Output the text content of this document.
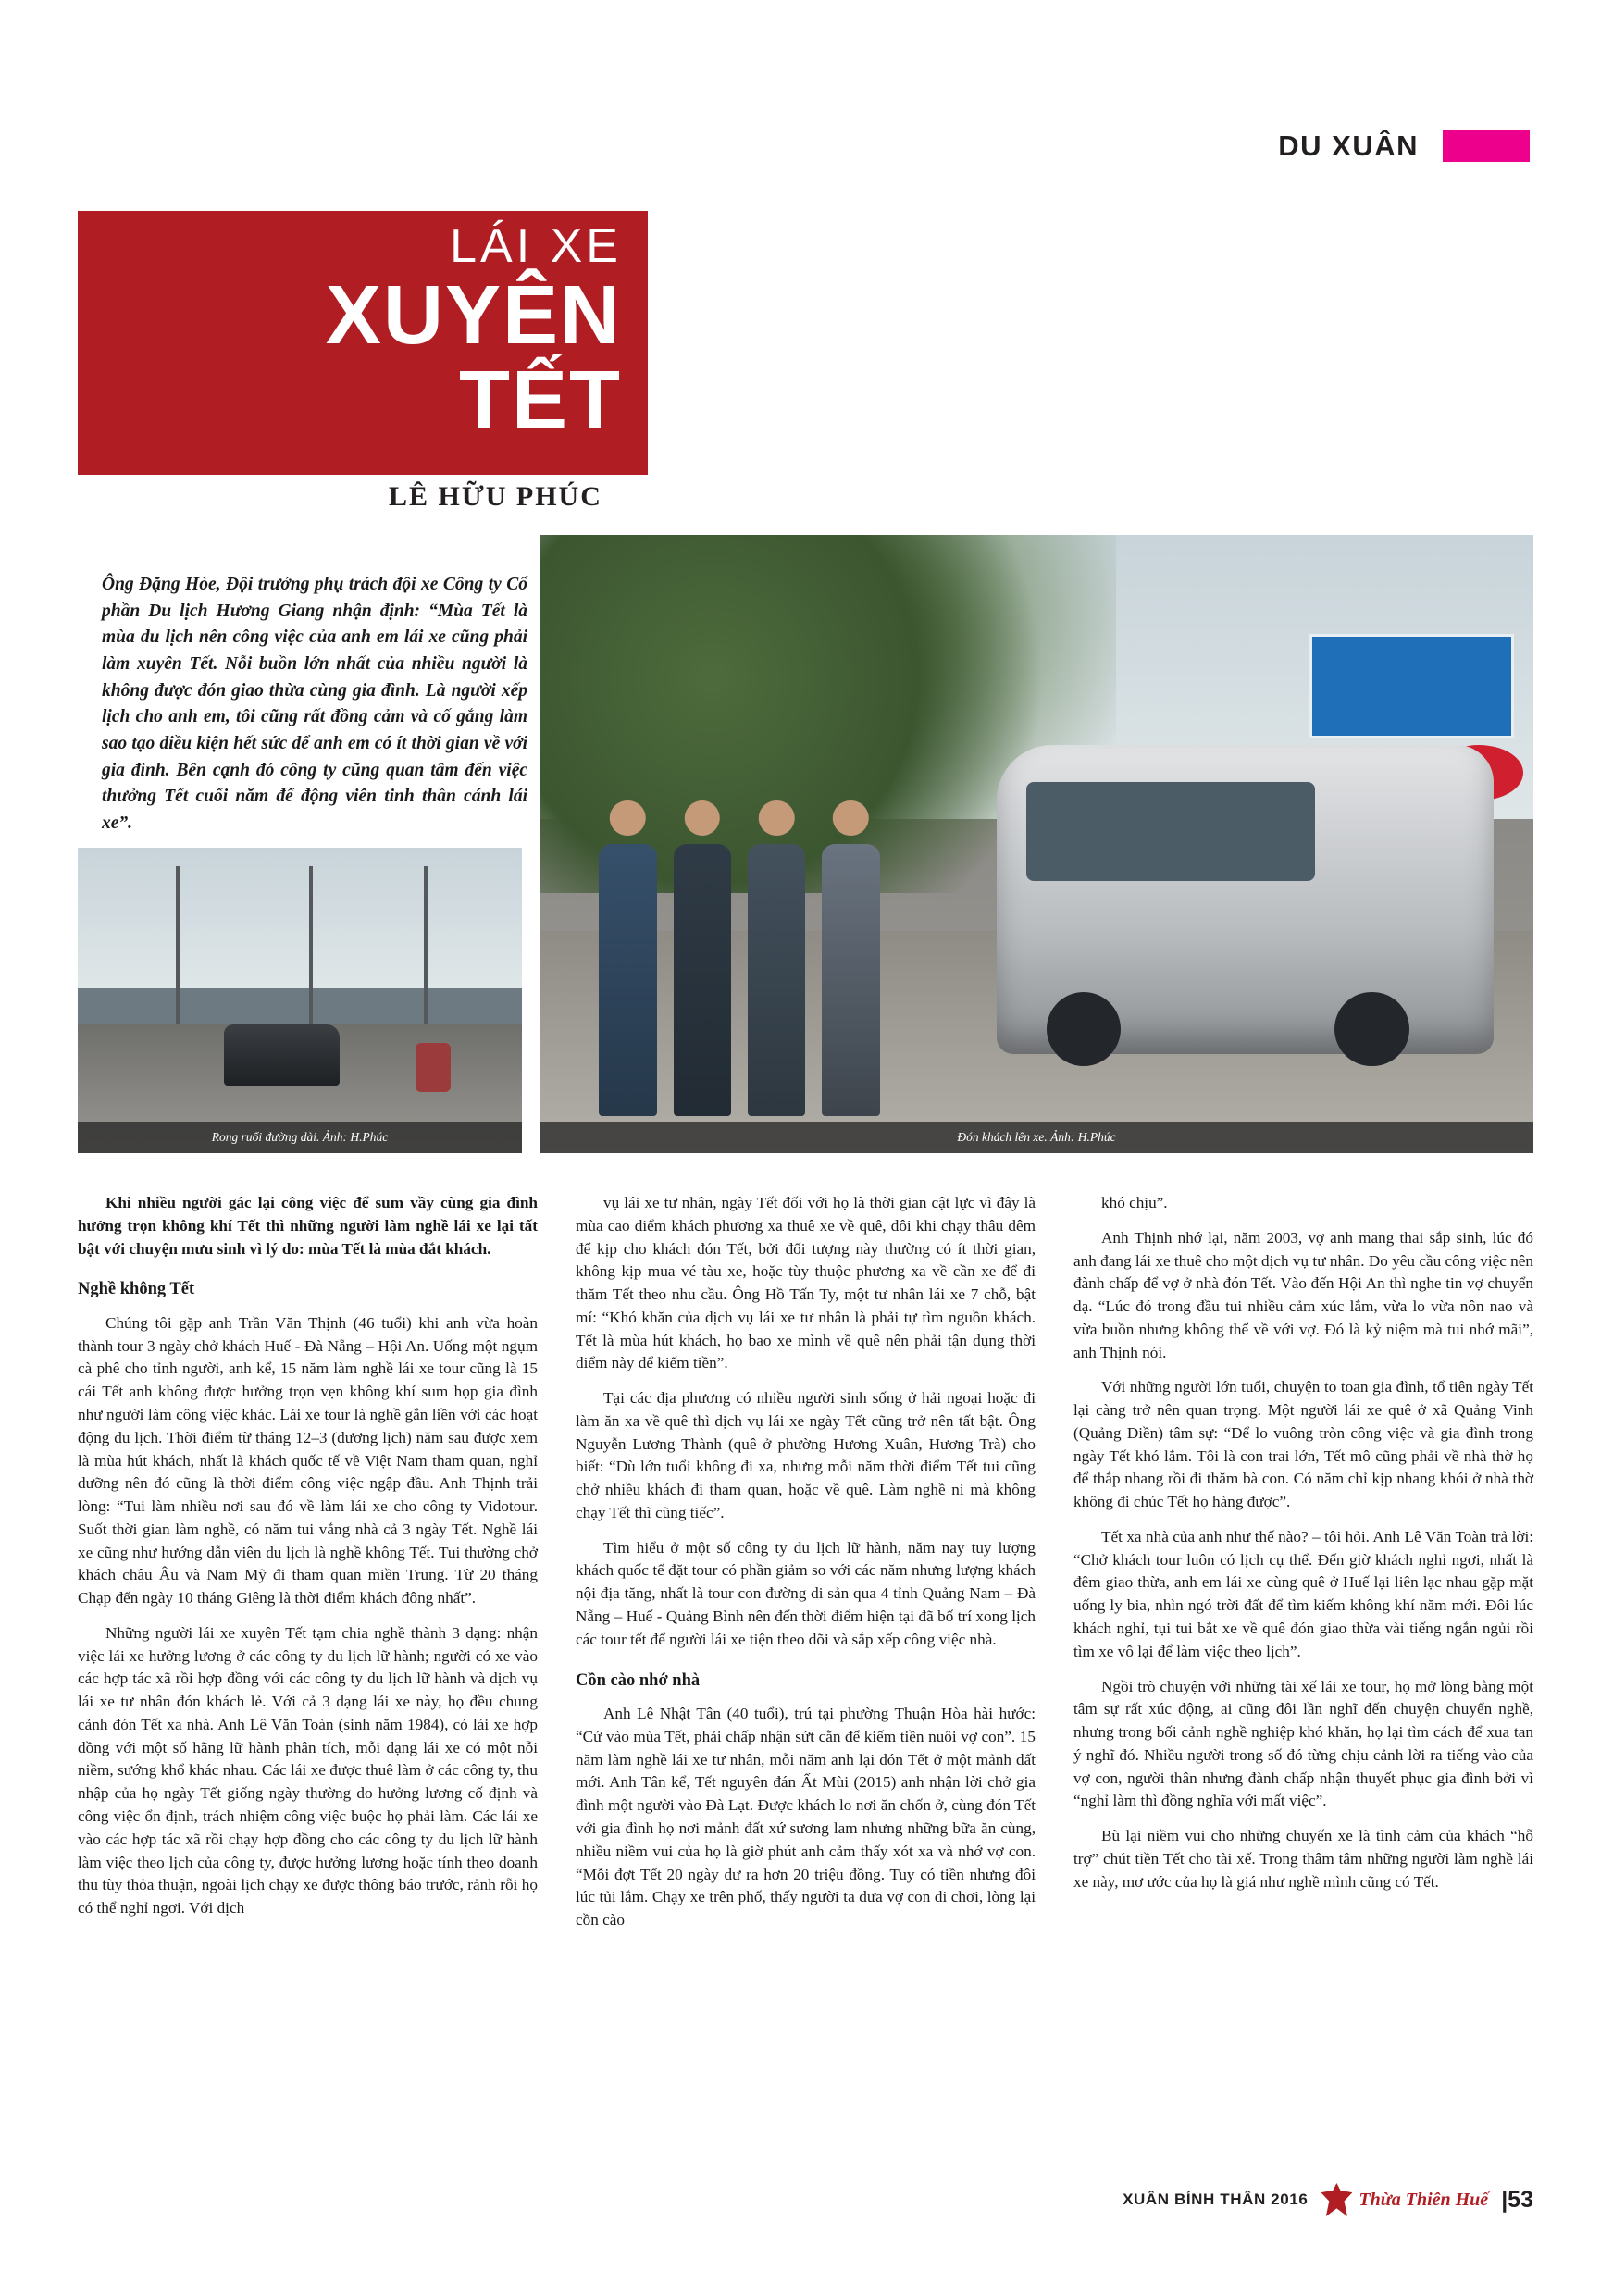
DU XUÂN
LÁI XE
XUYÊN
TẾT
LÊ HỮU PHÚC
Ông Đặng Hòe, Đội trưởng phụ trách đội xe Công ty Cổ phần Du lịch Hương Giang nhận định: “Mùa Tết là mùa du lịch nên công việc của anh em lái xe cũng phải làm xuyên Tết. Nỗi buồn lớn nhất của nhiều người là không được đón giao thừa cùng gia đình. Là người xếp lịch cho anh em, tôi cũng rất đồng cảm và cố gắng làm sao tạo điều kiện hết sức để anh em có ít thời gian về với gia đình. Bên cạnh đó công ty cũng quan tâm đến việc thưởng Tết cuối năm để động viên tinh thần cánh lái xe”.
Đón khách lên xe. Ảnh: H.Phúc
Rong ruổi đường dài. Ảnh: H.Phúc

Khi nhiều người gác lại công việc để sum vầy cùng gia đình hưởng trọn không khí Tết thì những người làm nghề lái xe lại tất bật với chuyện mưu sinh vì lý do: mùa Tết là mùa đắt khách.

Nghề không Tết

Chúng tôi gặp anh Trần Văn Thịnh (46 tuổi) khi anh vừa hoàn thành tour 3 ngày chở khách Huế - Đà Nẵng – Hội An. Uống một ngụm cà phê cho tỉnh người, anh kể, 15 năm làm nghề lái xe tour cũng là 15 cái Tết anh không được hưởng trọn vẹn không khí sum họp gia đình như người làm công việc khác. Lái xe tour là nghề gắn liền với các hoạt động du lịch. Thời điểm từ tháng 12–3 (dương lịch) năm sau được xem là mùa hút khách, nhất là khách quốc tế về Việt Nam tham quan, nghỉ dưỡng nên đó cũng là thời điểm công việc ngập đầu. Anh Thịnh trải lòng: “Tui làm nhiều nơi sau đó về làm lái xe cho công ty Vidotour. Suốt thời gian làm nghề, có năm tui vắng nhà cả 3 ngày Tết. Nghề lái xe cũng như hướng dẫn viên du lịch là nghề không Tết. Tui thường chở khách châu Âu và Nam Mỹ đi tham quan miền Trung. Từ 20 tháng Chạp đến ngày 10 tháng Giêng là thời điểm khách đông nhất”.

Những người lái xe xuyên Tết tạm chia nghề thành 3 dạng: nhận việc lái xe hưởng lương ở các công ty du lịch lữ hành; người có xe vào các hợp tác xã rồi hợp đồng với các công ty du lịch lữ hành và dịch vụ lái xe tư nhân đón khách lẻ. Với cả 3 dạng lái xe này, họ đều chung cảnh đón Tết xa nhà. Anh Lê Văn Toàn (sinh năm 1984), có lái xe hợp đồng với một số hãng lữ hành phân tích, mỗi dạng lái xe có một nỗi niềm, sướng khổ khác nhau. Các lái xe được thuê làm ở các công ty, thu nhập của họ ngày Tết giống ngày thường do hưởng lương cố định và công việc ổn định, trách nhiệm công việc buộc họ phải làm. Các lái xe vào các hợp tác xã rồi chạy hợp đồng cho các công ty du lịch lữ hành làm việc theo lịch của công ty, được hưởng lương hoặc tính theo doanh thu tùy thỏa thuận, ngoài lịch chạy xe được thông báo trước, rảnh rỗi họ có thể nghỉ ngơi. Với dịch

vụ lái xe tư nhân, ngày Tết đối với họ là thời gian cật lực vì đây là mùa cao điểm khách phương xa thuê xe về quê, đôi khi chạy thâu đêm để kịp cho khách đón Tết, bởi đối tượng này thường có ít thời gian, không kịp mua vé tàu xe, hoặc tùy thuộc phương xa về cần xe để đi thăm Tết theo nhu cầu. Ông Hồ Tấn Ty, một tư nhân lái xe 7 chỗ, bật mí: “Khó khăn của dịch vụ lái xe tư nhân là phải tự tìm nguồn khách. Tết là mùa hút khách, họ bao xe mình về quê nên phải tận dụng thời điểm này để kiếm tiền”.

Tại các địa phương có nhiều người sinh sống ở hải ngoại hoặc đi làm ăn xa về quê thì dịch vụ lái xe ngày Tết cũng trở nên tất bật. Ông Nguyễn Lương Thành (quê ở phường Hương Xuân, Hương Trà) cho biết: “Dù lớn tuổi không đi xa, nhưng mỗi năm thời điểm Tết tui cũng chở nhiều khách đi tham quan, hoặc về quê. Làm nghề ni mà không chạy Tết thì cũng tiếc”.

Tìm hiểu ở một số công ty du lịch lữ hành, năm nay tuy lượng khách quốc tế đặt tour có phần giảm so với các năm nhưng lượng khách nội địa tăng, nhất là tour con đường di sản qua 4 tỉnh Quảng Nam – Đà Nẵng – Huế - Quảng Bình nên đến thời điểm hiện tại đã bố trí xong lịch các tour tết để người lái xe tiện theo dõi và sắp xếp công việc nhà.

Cồn cào nhớ nhà

Anh Lê Nhật Tân (40 tuổi), trú tại phường Thuận Hòa hài hước: “Cứ vào mùa Tết, phải chấp nhận sứt cằn để kiếm tiền nuôi vợ con”. 15 năm làm nghề lái xe tư nhân, mỗi năm anh lại đón Tết ở một mảnh đất mới. Anh Tân kể, Tết nguyên đán Ất Mùi (2015) anh nhận lời chở gia đình một người vào Đà Lạt. Được khách lo nơi ăn chốn ở, cùng đón Tết với gia đình họ nơi mảnh đất xứ sương lam nhưng những bữa ăn cùng, nhiều niềm vui của họ là giờ phút anh cảm thấy xót xa và nhớ vợ con. “Mỗi đợt Tết 20 ngày dư ra hơn 20 triệu đồng. Tuy có tiền nhưng đôi lúc tủi lắm. Chạy xe trên phố, thấy người ta đưa vợ con đi chơi, lòng lại cồn cào

khó chịu”.

Anh Thịnh nhớ lại, năm 2003, vợ anh mang thai sắp sinh, lúc đó anh đang lái xe thuê cho một dịch vụ tư nhân. Do yêu cầu công việc nên đành chấp để vợ ở nhà đón Tết. Vào đến Hội An thì nghe tin vợ chuyển dạ. “Lúc đó trong đầu tui nhiều cảm xúc lắm, vừa lo vừa nôn nao và vừa buồn nhưng không thể về với vợ. Đó là kỷ niệm mà tui nhớ mãi”, anh Thịnh nói.

Với những người lớn tuổi, chuyện to toan gia đình, tổ tiên ngày Tết lại càng trở nên quan trọng. Một người lái xe quê ở xã Quảng Vinh (Quảng Điền) tâm sự: “Để lo vuông tròn công việc và gia đình trong ngày Tết khó lắm. Tôi là con trai lớn, Tết mô cũng phải về nhà thờ họ để thắp nhang rồi đi thăm bà con. Có năm chỉ kịp nhang khói ở nhà thờ không đi chúc Tết họ hàng được”.

Tết xa nhà của anh như thế nào? – tôi hỏi. Anh Lê Văn Toàn trả lời: “Chở khách tour luôn có lịch cụ thể. Đến giờ khách nghỉ ngơi, nhất là đêm giao thừa, anh em lái xe cùng quê ở Huế lại liên lạc nhau gặp mặt uống ly bia, nhìn ngó trời đất để tìm kiếm không khí năm mới. Đôi lúc khách nghỉ, tụi tui bắt xe về quê đón giao thừa vài tiếng ngắn ngủi rồi tìm xe vô lại để làm việc theo lịch”.

Ngồi trò chuyện với những tài xế lái xe tour, họ mở lòng bằng một tâm sự rất xúc động, ai cũng đôi lần nghĩ đến chuyện chuyển nghề, nhưng trong bối cảnh nghề nghiệp khó khăn, họ lại tìm cách để xua tan ý nghĩ đó. Nhiều người trong số đó từng chịu cảnh lời ra tiếng vào của vợ con, người thân nhưng đành chấp nhận thuyết phục gia đình bởi vì “nghỉ làm thì đồng nghĩa với mất việc”.

Bù lại niềm vui cho những chuyến xe là tình cảm của khách “hỗ trợ” chút tiền Tết cho tài xế. Trong thâm tâm những người làm nghề lái xe này, mơ ước của họ là giá như nghề mình cũng có Tết.

XUÂN BÍNH THÂN 2016	Thừa Thiên Huế |53
